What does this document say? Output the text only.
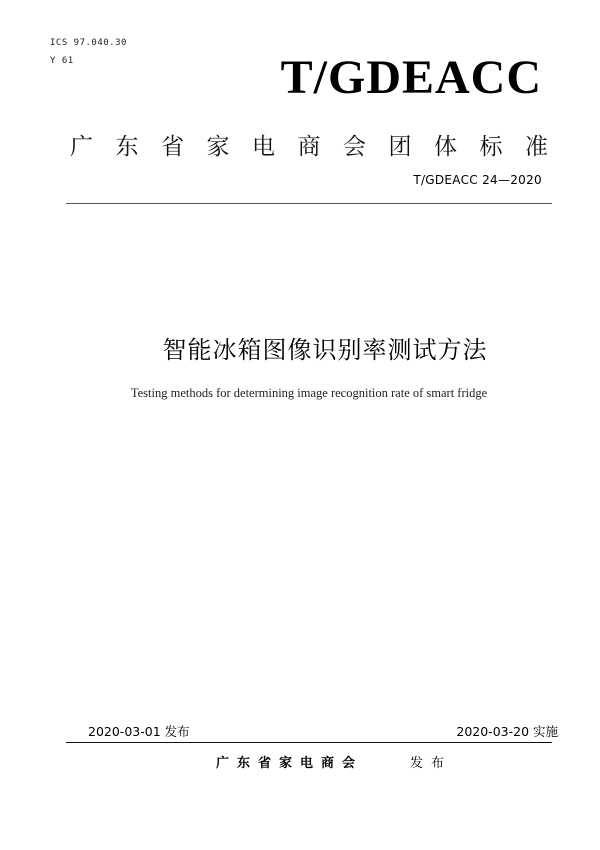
ICS 97.040.30
Y 61	T/GDEACC
广 东 省 家 电 商 会 团 体 标 准
T/GDEACC 24—2020
智能冰箱图像识别率测试方法
Testing methods for determining image recognition rate of smart fridge
2020-03-01 发布	2020-03-20 实施
广东省家电商会	发布
